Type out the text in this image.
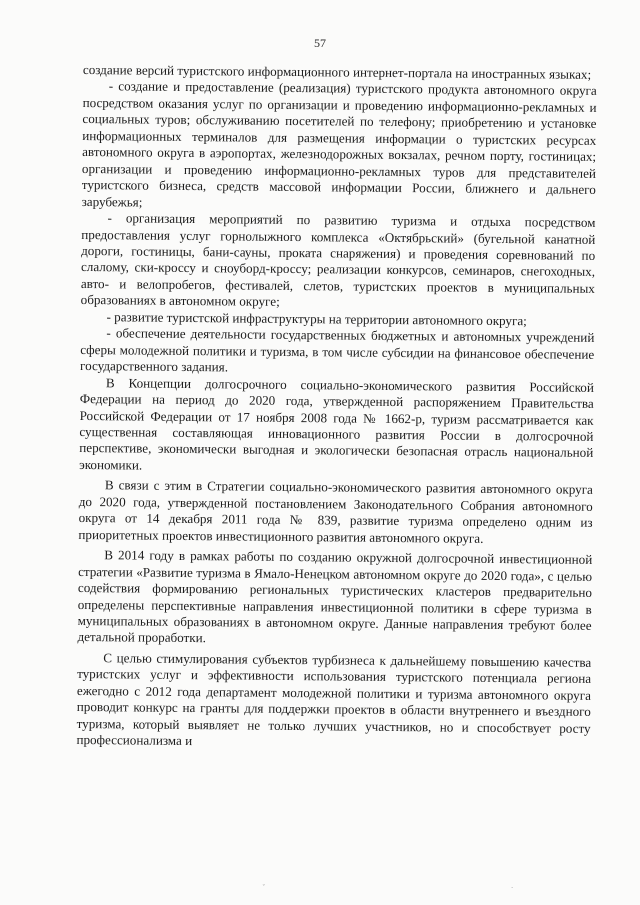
57

создание версий туристского информационного интернет-портала на иностранных языках;

- создание и предоставление (реализация) туристского продукта автономного округа посредством оказания услуг по организации и проведению информационно-рекламных и социальных туров; обслуживанию посетителей по телефону; приобретению и установке информационных терминалов для размещения информации о туристских ресурсах автономного округа в аэропортах, железнодорожных вокзалах, речном порту, гостиницах; организации и проведению информационно-рекламных туров для представителей туристского бизнеса, средств массовой информации России, ближнего и дальнего зарубежья;

- организация мероприятий по развитию туризма и отдыха посредством предоставления услуг горнолыжного комплекса «Октябрьский» (бугельной канатной дороги, гостиницы, бани-сауны, проката снаряжения) и проведения соревнований по слалому, ски-кроссу и сноуборд-кроссу; реализации конкурсов, семинаров, снегоходных, авто- и велопробегов, фестивалей, слетов, туристских проектов в муниципальных образованиях в автономном округе;

- развитие туристской инфраструктуры на территории автономного округа;

- обеспечение деятельности государственных бюджетных и автономных учреждений сферы молодежной политики и туризма, в том числе субсидии на финансовое обеспечение государственного задания.

В Концепции долгосрочного социально-экономического развития Российской Федерации на период до 2020 года, утвержденной распоряжением Правительства Российской Федерации от 17 ноября 2008 года № 1662-р, туризм рассматривается как существенная составляющая инновационного развития России в долгосрочной перспективе, экономически выгодная и экологически безопасная отрасль национальной экономики.

В связи с этим в Стратегии социально-экономического развития автономного округа до 2020 года, утвержденной постановлением Законодательного Собрания автономного округа от 14 декабря 2011 года № 839, развитие туризма определено одним из приоритетных проектов инвестиционного развития автономного округа.

В 2014 году в рамках работы по созданию окружной долгосрочной инвестиционной стратегии «Развитие туризма в Ямало-Ненецком автономном округе до 2020 года», с целью содействия формированию региональных туристических кластеров предварительно определены перспективные направления инвестиционной политики в сфере туризма в муниципальных образованиях в автономном округе. Данные направления требуют более детальной проработки.

С целью стимулирования субъектов турбизнеса к дальнейшему повышению качества туристских услуг и эффективности использования туристского потенциала региона ежегодно с 2012 года департамент молодежной политики и туризма автономного округа проводит конкурс на гранты для поддержки проектов в области внутреннего и въездного туризма, который выявляет не только лучших участников, но и способствует росту профессионализма и

ˇ	·
